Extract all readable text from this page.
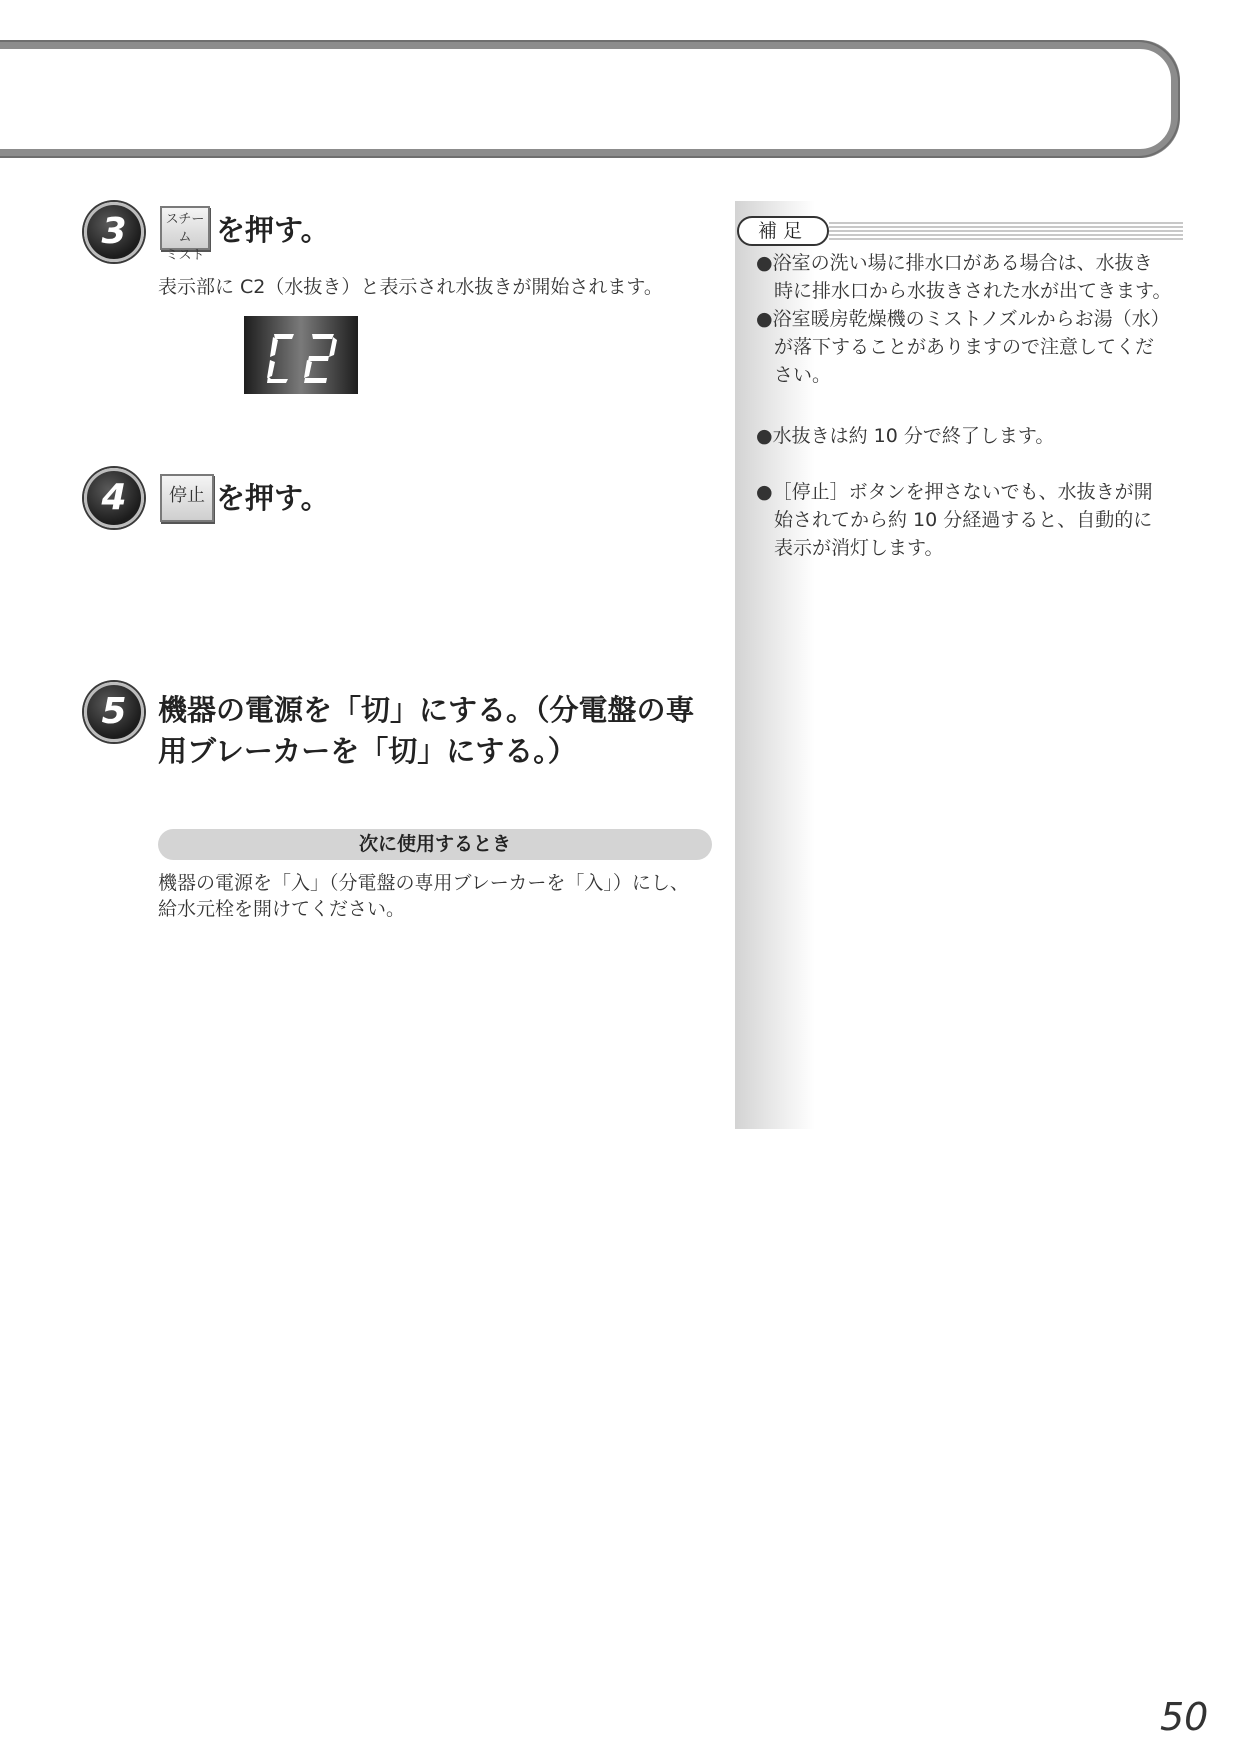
3	スチーム
ミスト
を押す。
表示部に C2（水抜き）と表示され水抜きが開始されます。
4	停止 を押す。
5	機器の電源を「切」にする。（分電盤の専
用ブレーカーを「切」にする。）
次に使用するとき
機器の電源を「入」（分電盤の専用ブレーカーを「入」）にし、
給水元栓を開けてください。
補足
●浴室の洗い場に排水口がある場合は、水抜き
時に排水口から水抜きされた水が出てきます。
●浴室暖房乾燥機のミストノズルからお湯（水）
が落下することがありますので注意してくだ
さい。
●水抜きは約 10 分で終了します。
●［停止］ボタンを押さないでも、水抜きが開
始されてから約 10 分経過すると、自動的に
表示が消灯します。
50
